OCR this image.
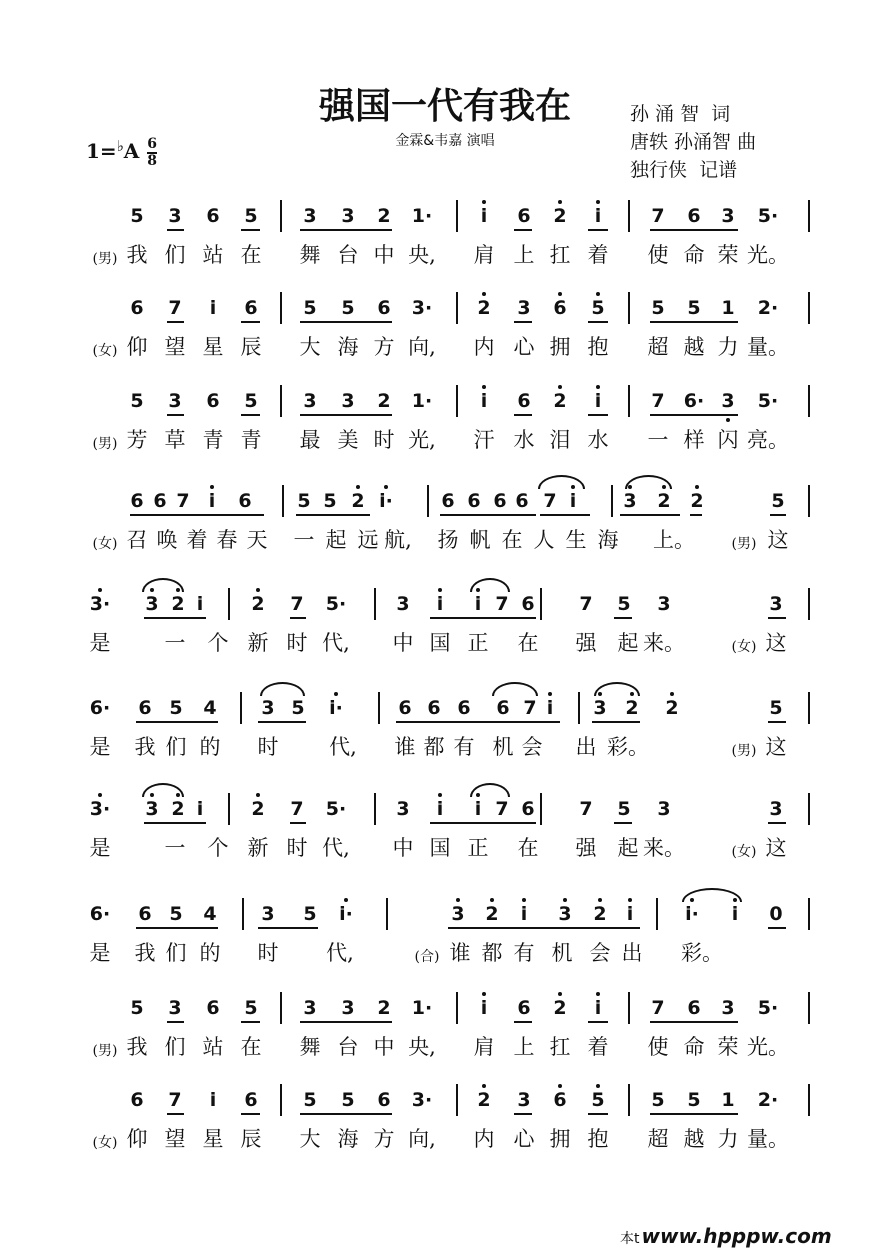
强国一代有我在
金霖&韦嘉 演唱
孙 涌 智  词
唐轶 孙涌智 曲
独行侠  记谱
$1=^♭A \frac{6}{8}$
5 3 6 5 3 3 2 1·	i 6 2 i	7 6 3 5·
(男) 我 们 站 在 舞 台 中 央, 肩 上 扛 着 使 命 荣 光。
6 7 i 6 5 5 6 3· 2 3 6 5 5 5 1 2·
(女) 仰 望 星 辰 大 海 方 向, 内 心 拥 抱 超 越 力 量。
5 3 6 5 3 3 2 1·	i 6 2 i	7 6· 3 5·
(男) 芳 草 青 青 最 美 时 光, 汗 水 泪 水 一 样 闪 亮。
6 6 7 i 6 5 5 2 i·	6 6 6 6 7 i 3 2 2	5
(女) 召 唤 着 春 天 一 起 远 航, 扬 帆 在 人 生 海 上。	(男) 这
3· 3 2 i	2 7 5·	3 i i 7 6 7 5 3	3
是	一 个 新 时 代, 中 国 正 在 强 起 来。	(女) 这
6· 6 5 4 3 5 i·	6 6 6 6 7 i 3 2 2	5
是 我 们 的 时 代, 谁 都 有 机 会 出 彩。	(男) 这
3· 3 2 i	2 7 5·	3 i i 7 6 7 5 3	3
是	一 个 新 时 代, 中 国 正 在 强 起 来。	(女) 这
6· 6 5 4 3 5 i·	3 2 i 3 2 i	i· i 0
是 我 们 的 时 代,	(合) 谁 都 有 机 会 出 彩。
5 3 6 5 3 3 2 1·	i 6 2 i	7 6 3 5·
(男) 我 们 站 在 舞 台 中 央, 肩 上 扛 着 使 命 荣 光。
6 7 i 6 5 5 6 3· 2 3 6 5 5 5 1 2·
(女) 仰 望 星 辰 大 海 方 向, 内 心 拥 抱 超 越 力 量。
本t www.hpppw.com
